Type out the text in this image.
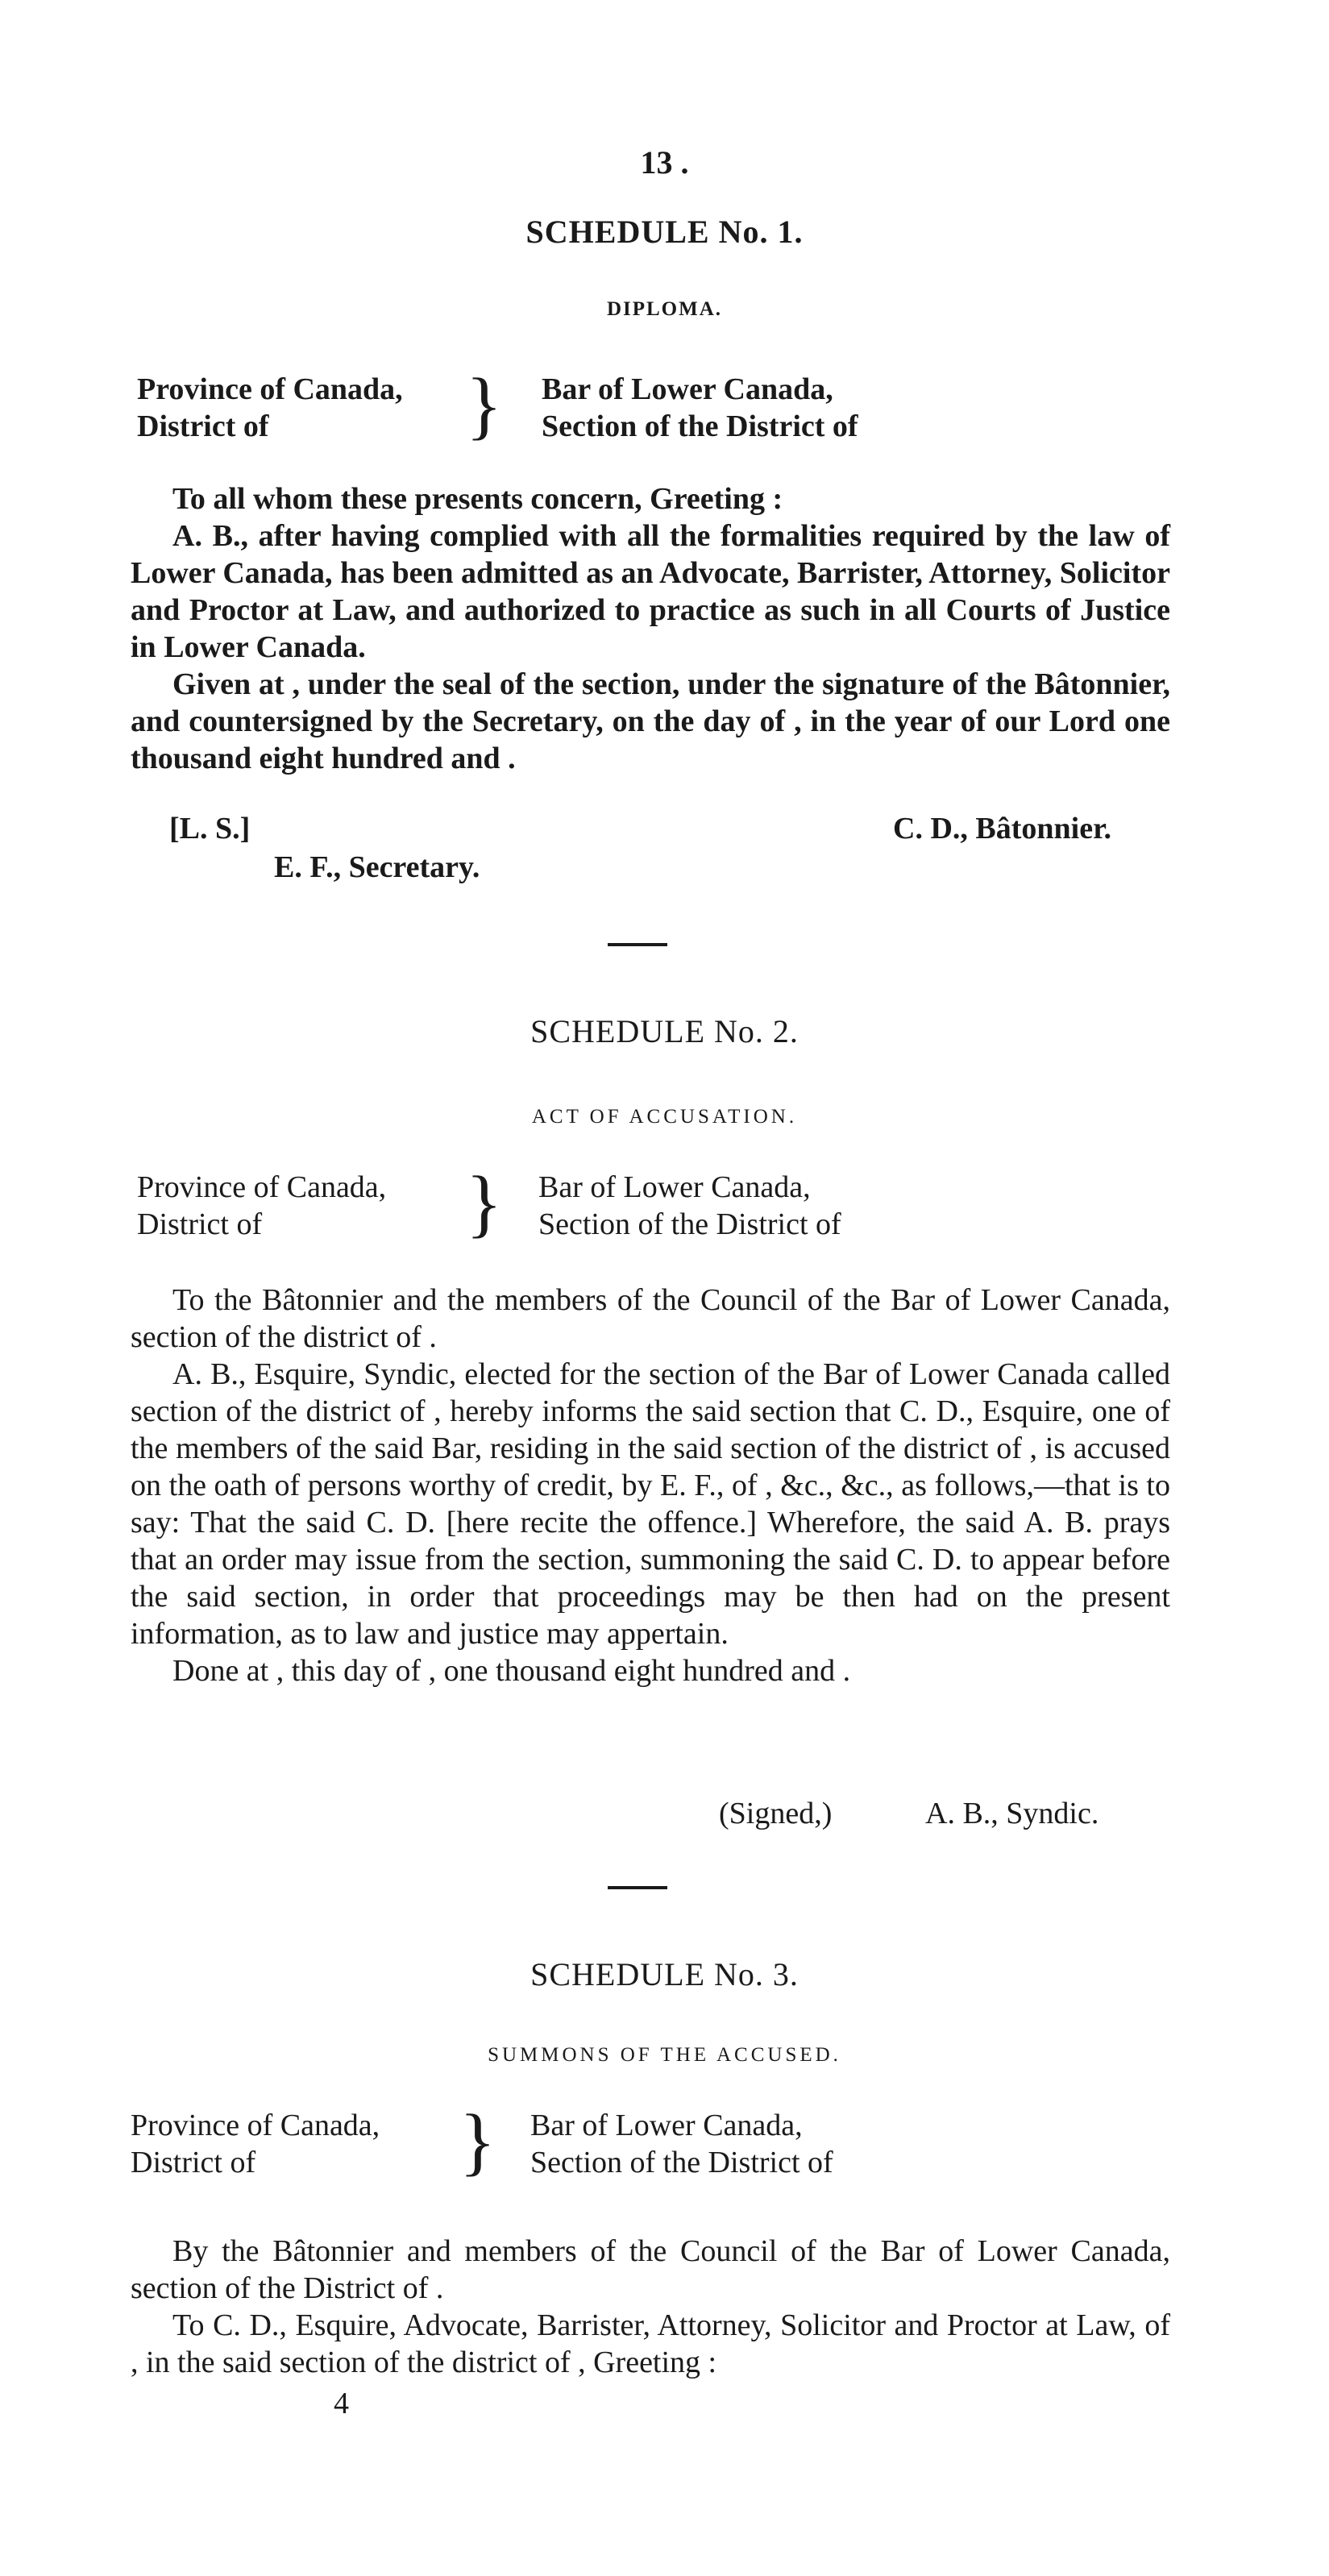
13 .
SCHEDULE No. 1.
DIPLOMA.
Province of Canada,
District of	} Bar of Lower Canada,
Section of the District of

To all whom these presents concern, Greeting :

A. B., after having complied with all the formalities required by the law of Lower Canada, has been admitted as an Advocate, Barrister, Attorney, Solicitor and Proctor at Law, and authorized to practice as such in all Courts of Justice in Lower Canada.

Given at , under the seal of the section, under the signature of the Bâtonnier, and countersigned by the Secretary, on the day of , in the year of our Lord one thousand eight hundred and .

[L. S.]	C. D., Bâtonnier.
E. F., Secretary.
SCHEDULE No. 2.
ACT OF ACCUSATION.
Province of Canada,
District of	} Bar of Lower Canada,
Section of the District of

To the Bâtonnier and the members of the Council of the Bar of Lower Canada, section of the district of .

A. B., Esquire, Syndic, elected for the section of the Bar of Lower Canada called section of the district of , hereby informs the said section that C. D., Esquire, one of the members of the said Bar, residing in the said section of the district of , is accused on the oath of persons worthy of credit, by E. F., of , &c., &c., as follows,—that is to say: That the said C. D. [here recite the offence.] Wherefore, the said A. B. prays that an order may issue from the section, summoning the said C. D. to appear before the said section, in order that proceedings may be then had on the present information, as to law and justice may appertain.

Done at , this day of , one thousand eight hundred and .

(Signed,)	A. B., Syndic.
SCHEDULE No. 3.
SUMMONS OF THE ACCUSED.
Province of Canada,
District of	} Bar of Lower Canada,
Section of the District of

By the Bâtonnier and members of the Council of the Bar of Lower Canada, section of the District of .

To C. D., Esquire, Advocate, Barrister, Attorney, Solicitor and Proctor at Law, of , in the said section of the district of , Greeting :

4
